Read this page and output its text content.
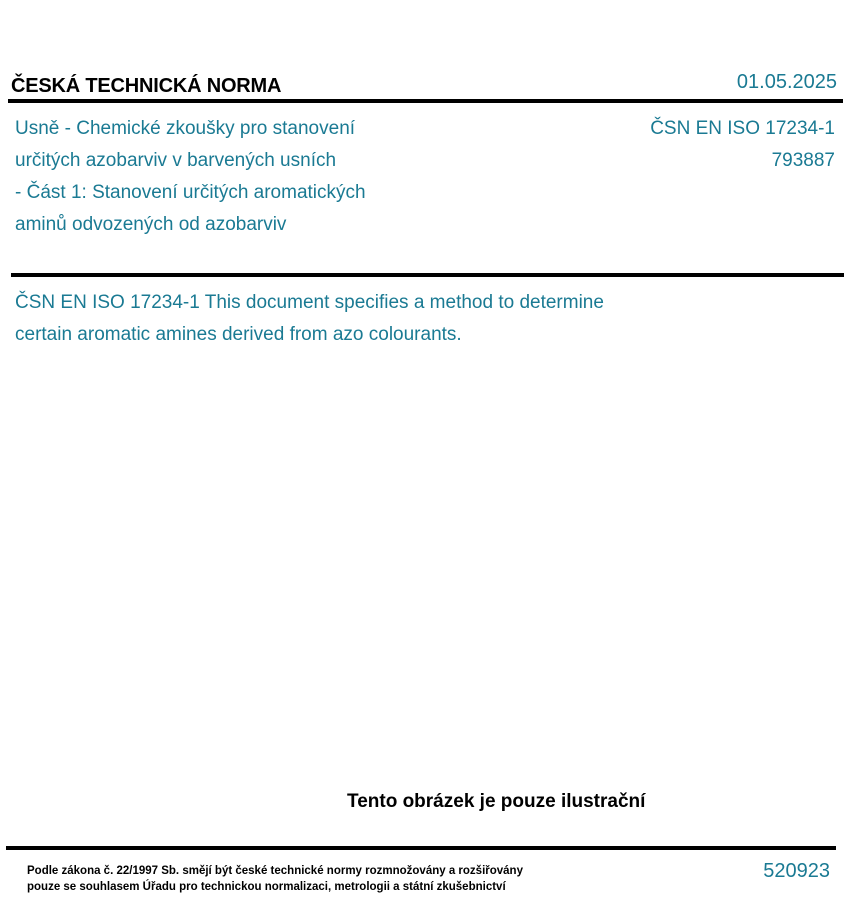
ČESKÁ TECHNICKÁ NORMA	01.05.2025
Usně - Chemické zkoušky pro stanovení
určitých azobarviv v barvených usních
- Část 1: Stanovení určitých aromatických
aminů odvozených od azobarviv
ČSN EN ISO 17234-1
793887
ČSN EN ISO 17234-1 This document specifies a method to determine
certain aromatic amines derived from azo colourants.
Tento obrázek je pouze ilustrační
Podle zákona č. 22/1997 Sb. smějí být české technické normy rozmnožovány a rozšiřovány
pouze se souhlasem Úřadu pro technickou normalizaci, metrologii a státní zkušebnictví
520923
